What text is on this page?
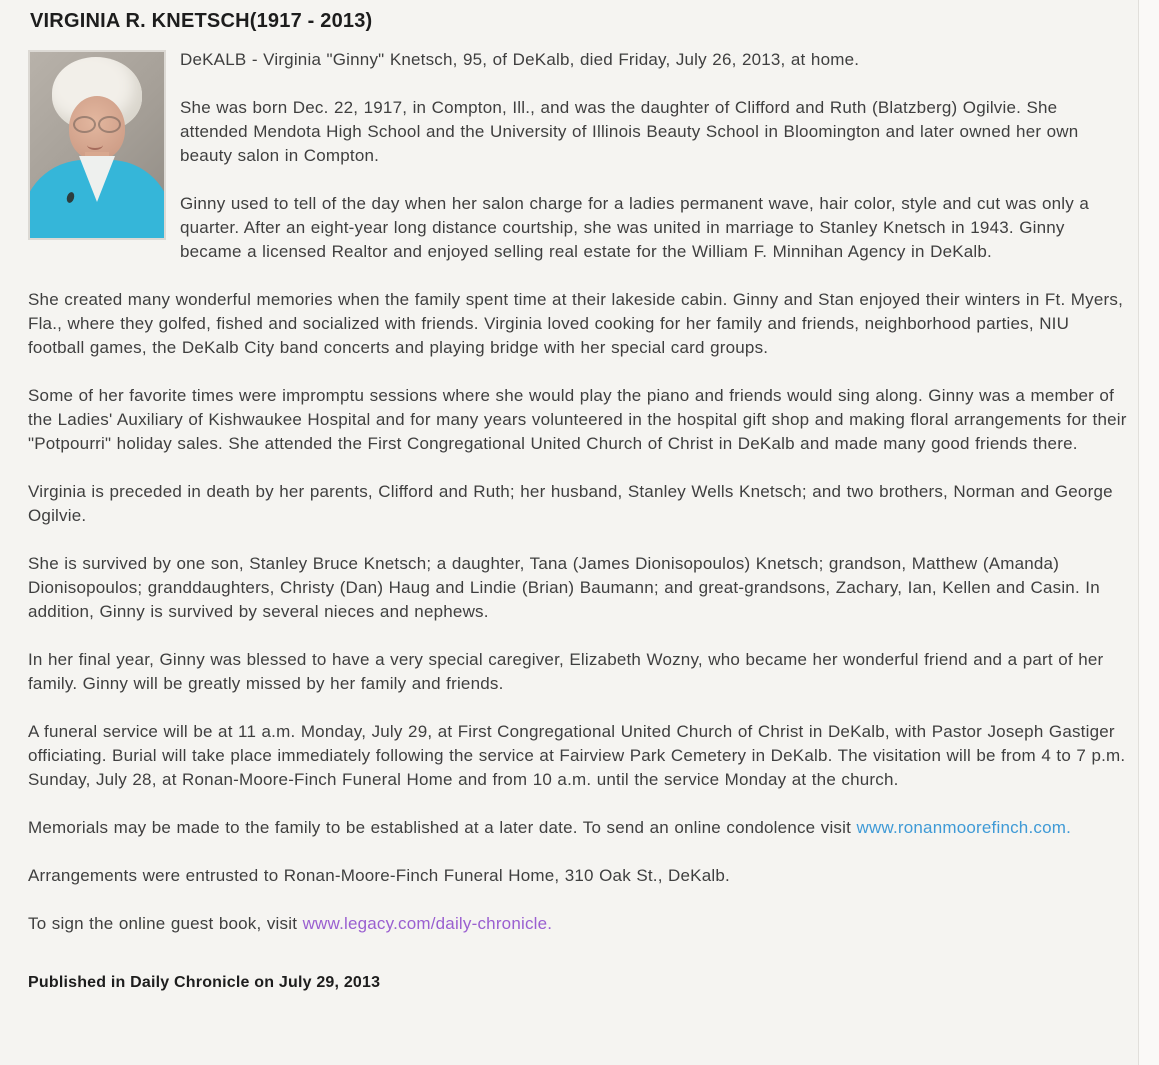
VIRGINIA R. KNETSCH(1917 - 2013)

DeKALB - Virginia "Ginny" Knetsch, 95, of DeKalb, died Friday, July 26, 2013, at home.

She was born Dec. 22, 1917, in Compton, Ill., and was the daughter of Clifford and Ruth (Blatzberg) Ogilvie. She attended Mendota High School and the University of Illinois Beauty School in Bloomington and later owned her own beauty salon in Compton.

Ginny used to tell of the day when her salon charge for a ladies permanent wave, hair color, style and cut was only a quarter. After an eight-year long distance courtship, she was united in marriage to Stanley Knetsch in 1943. Ginny became a licensed Realtor and enjoyed selling real estate for the William F. Minnihan Agency in DeKalb.

She created many wonderful memories when the family spent time at their lakeside cabin. Ginny and Stan enjoyed their winters in Ft. Myers, Fla., where they golfed, fished and socialized with friends. Virginia loved cooking for her family and friends, neighborhood parties, NIU football games, the DeKalb City band concerts and playing bridge with her special card groups.

Some of her favorite times were impromptu sessions where she would play the piano and friends would sing along. Ginny was a member of the Ladies' Auxiliary of Kishwaukee Hospital and for many years volunteered in the hospital gift shop and making floral arrangements for their "Potpourri" holiday sales. She attended the First Congregational United Church of Christ in DeKalb and made many good friends there.

Virginia is preceded in death by her parents, Clifford and Ruth; her husband, Stanley Wells Knetsch; and two brothers, Norman and George Ogilvie.

She is survived by one son, Stanley Bruce Knetsch; a daughter, Tana (James Dionisopoulos) Knetsch; grandson, Matthew (Amanda) Dionisopoulos; granddaughters, Christy (Dan) Haug and Lindie (Brian) Baumann; and great-grandsons, Zachary, Ian, Kellen and Casin. In addition, Ginny is survived by several nieces and nephews.

In her final year, Ginny was blessed to have a very special caregiver, Elizabeth Wozny, who became her wonderful friend and a part of her family. Ginny will be greatly missed by her family and friends.

A funeral service will be at 11 a.m. Monday, July 29, at First Congregational United Church of Christ in DeKalb, with Pastor Joseph Gastiger officiating. Burial will take place immediately following the service at Fairview Park Cemetery in DeKalb. The visitation will be from 4 to 7 p.m. Sunday, July 28, at Ronan-Moore-Finch Funeral Home and from 10 a.m. until the service Monday at the church.

Memorials may be made to the family to be established at a later date. To send an online condolence visit www.ronanmoorefinch.com.

Arrangements were entrusted to Ronan-Moore-Finch Funeral Home, 310 Oak St., DeKalb.

To sign the online guest book, visit www.legacy.com/daily-chronicle.

Published in Daily Chronicle on July 29, 2013
